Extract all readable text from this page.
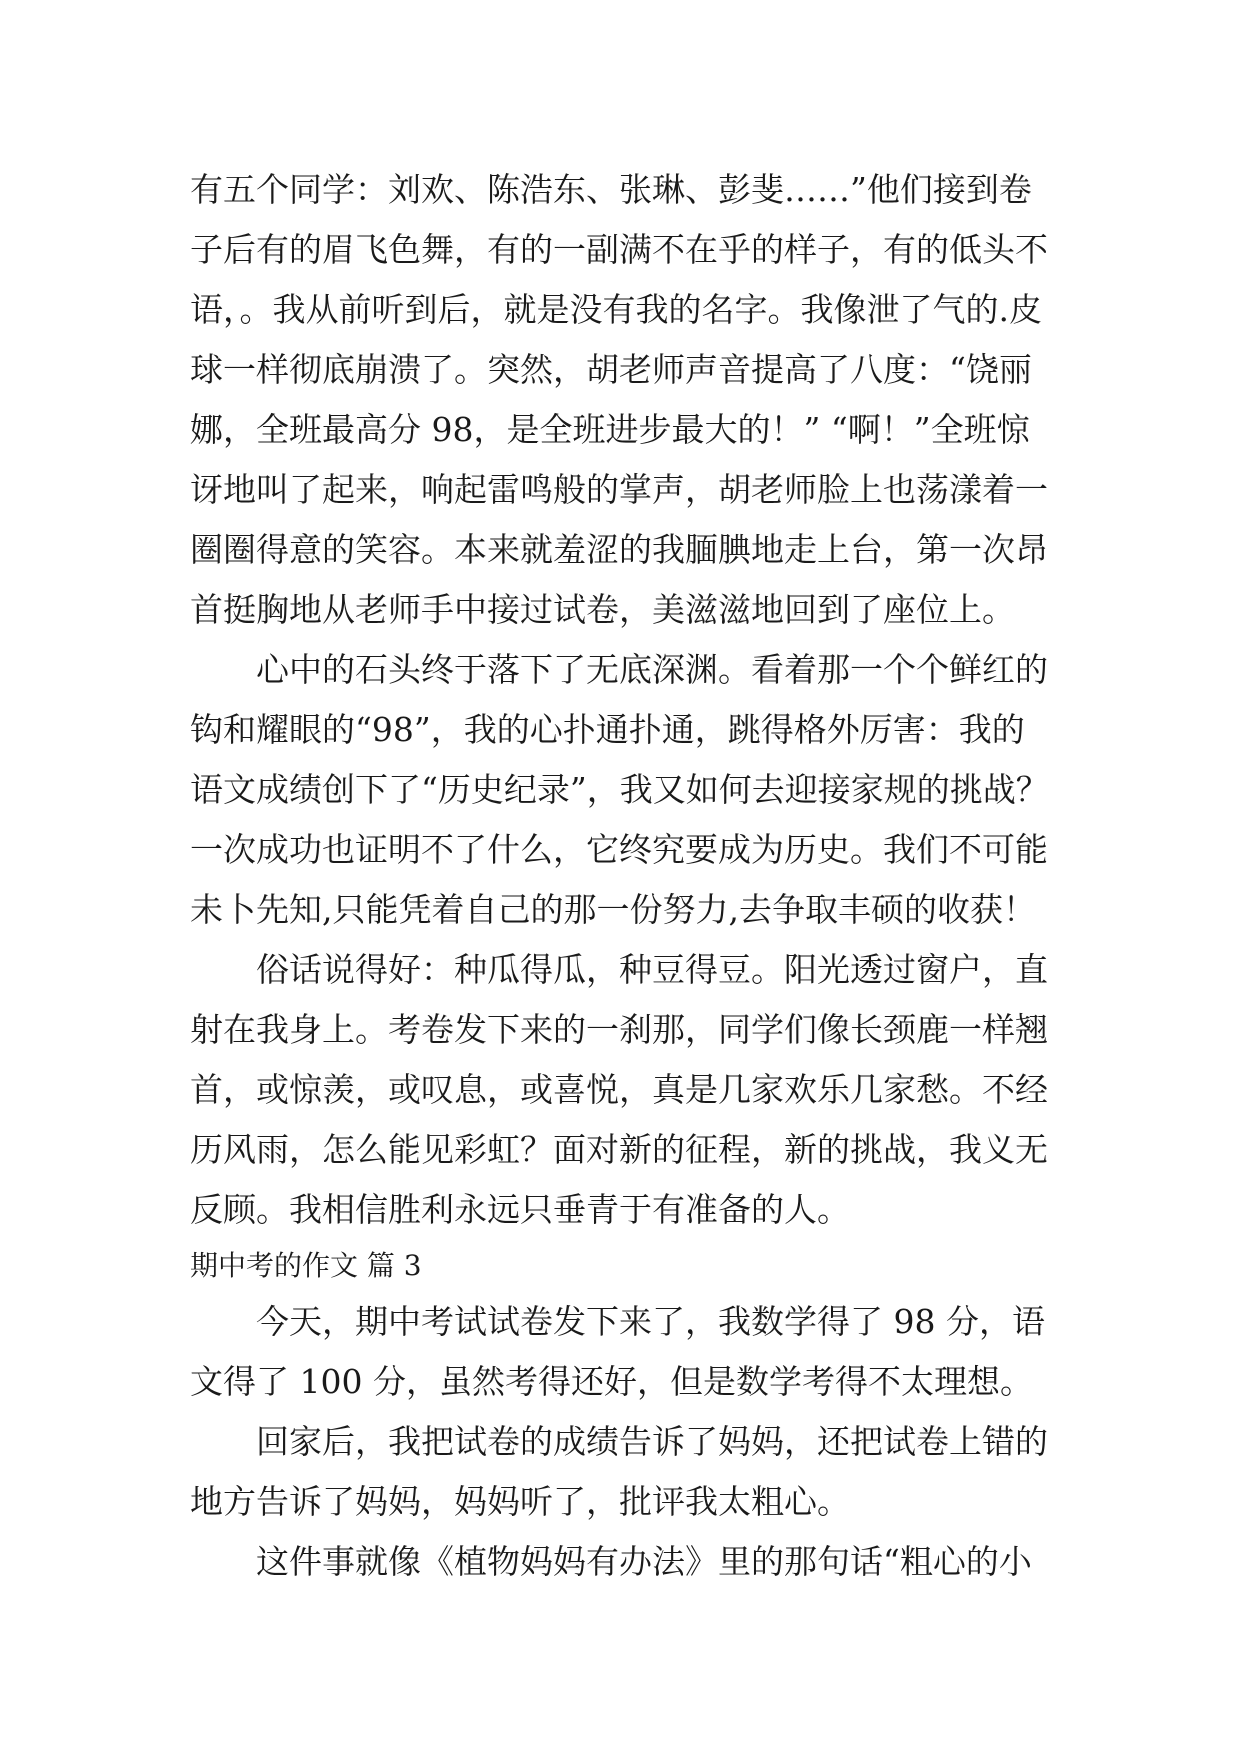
有五个同学：刘欢、陈浩东、张琳、彭斐……”他们接到卷
子后有的眉飞色舞，有的一副满不在乎的样子，有的低头不
语，。我从前听到后，就是没有我的名字。我像泄了气的.皮
球一样彻底崩溃了。突然，胡老师声音提高了八度：“饶丽
娜，全班最高分 98，是全班进步最大的！” “啊！”全班惊
讶地叫了起来，响起雷鸣般的掌声，胡老师脸上也荡漾着一
圈圈得意的笑容。本来就羞涩的我腼腆地走上台，第一次昂
首挺胸地从老师手中接过试卷，美滋滋地回到了座位上。
心中的石头终于落下了无底深渊。看着那一个个鲜红的
钩和耀眼的“98”，我的心扑通扑通，跳得格外厉害：我的
语文成绩创下了“历史纪录”，我又如何去迎接家规的挑战？
一次成功也证明不了什么，它终究要成为历史。我们不可能
未卜先知,只能凭着自己的那一份努力,去争取丰硕的收获！
俗话说得好：种瓜得瓜，种豆得豆。阳光透过窗户，直
射在我身上。考卷发下来的一刹那，同学们像长颈鹿一样翘
首，或惊羡，或叹息，或喜悦，真是几家欢乐几家愁。不经
历风雨，怎么能见彩虹？面对新的征程，新的挑战，我义无
反顾。我相信胜利永远只垂青于有准备的人。
期中考的作文 篇 3
今天，期中考试试卷发下来了，我数学得了 98 分，语
文得了 100 分，虽然考得还好，但是数学考得不太理想。
回家后，我把试卷的成绩告诉了妈妈，还把试卷上错的
地方告诉了妈妈，妈妈听了，批评我太粗心。
这件事就像《植物妈妈有办法》里的那句话“粗心的小
